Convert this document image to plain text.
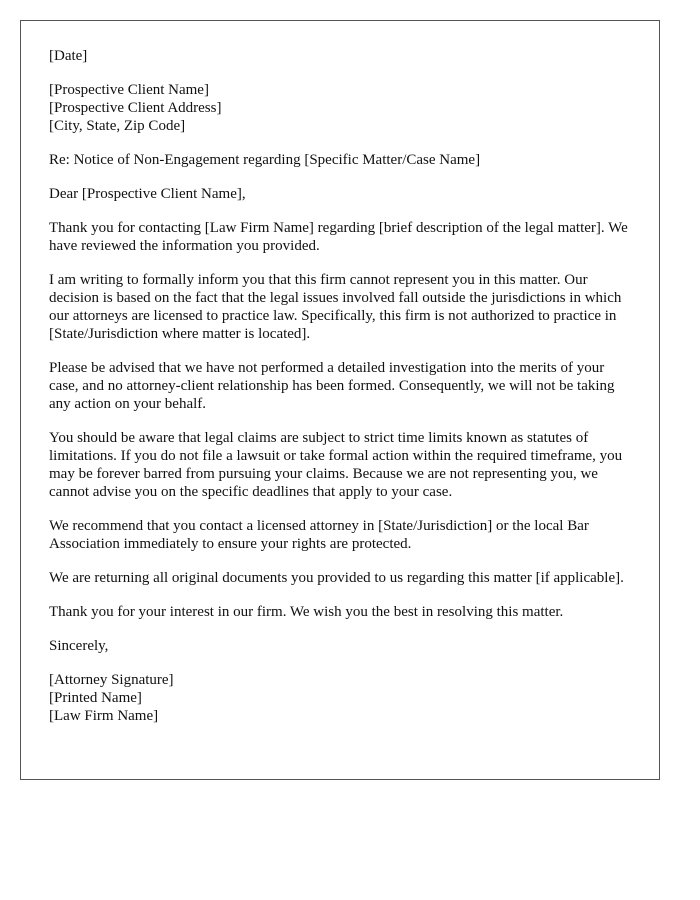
[Date]
[Prospective Client Name]
[Prospective Client Address]
[City, State, Zip Code]
Re: Notice of Non-Engagement regarding [Specific Matter/Case Name]
Dear [Prospective Client Name],

Thank you for contacting [Law Firm Name] regarding [brief description of the legal matter]. We have reviewed the information you provided.

I am writing to formally inform you that this firm cannot represent you in this matter. Our decision is based on the fact that the legal issues involved fall outside the jurisdictions in which our attorneys are licensed to practice law. Specifically, this firm is not authorized to practice in [State/Jurisdiction where matter is located].

Please be advised that we have not performed a detailed investigation into the merits of your case, and no attorney-client relationship has been formed. Consequently, we will not be taking any action on your behalf.

You should be aware that legal claims are subject to strict time limits known as statutes of limitations. If you do not file a lawsuit or take formal action within the required timeframe, you may be forever barred from pursuing your claims. Because we are not representing you, we cannot advise you on the specific deadlines that apply to your case.

We recommend that you contact a licensed attorney in [State/Jurisdiction] or the local Bar Association immediately to ensure your rights are protected.

We are returning all original documents you provided to us regarding this matter [if applicable].

Thank you for your interest in our firm. We wish you the best in resolving this matter.

Sincerely,
[Attorney Signature]
[Printed Name]
[Law Firm Name]
